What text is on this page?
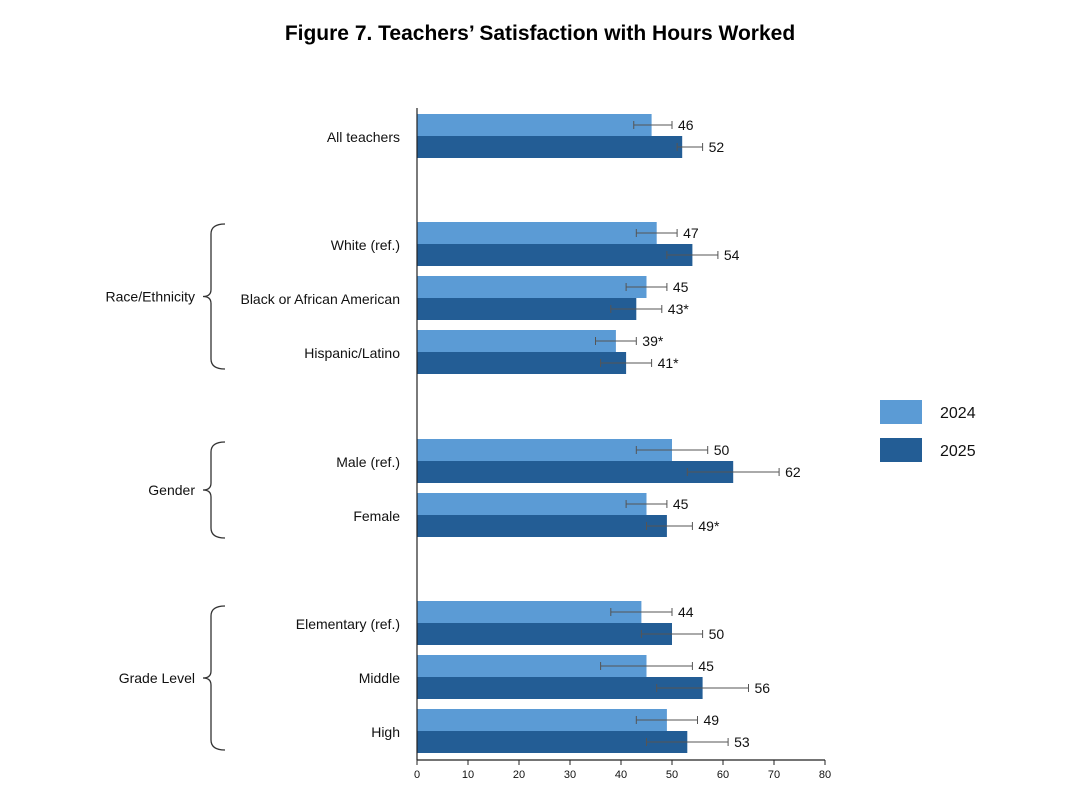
Figure 7. Teachers’ Satisfaction with Hours Worked
All teachers
46
52
White (ref.)
47
54
Black or African American
45
43*
Hispanic/Latino
39*
41*
Race/Ethnicity
Male (ref.)
50
62
Female
45
49*
Gender
Elementary (ref.)
44
50
Middle
45
56
High
49
53
Grade Level
0	10	20	30	40	50	60	70	80
2024
2025
